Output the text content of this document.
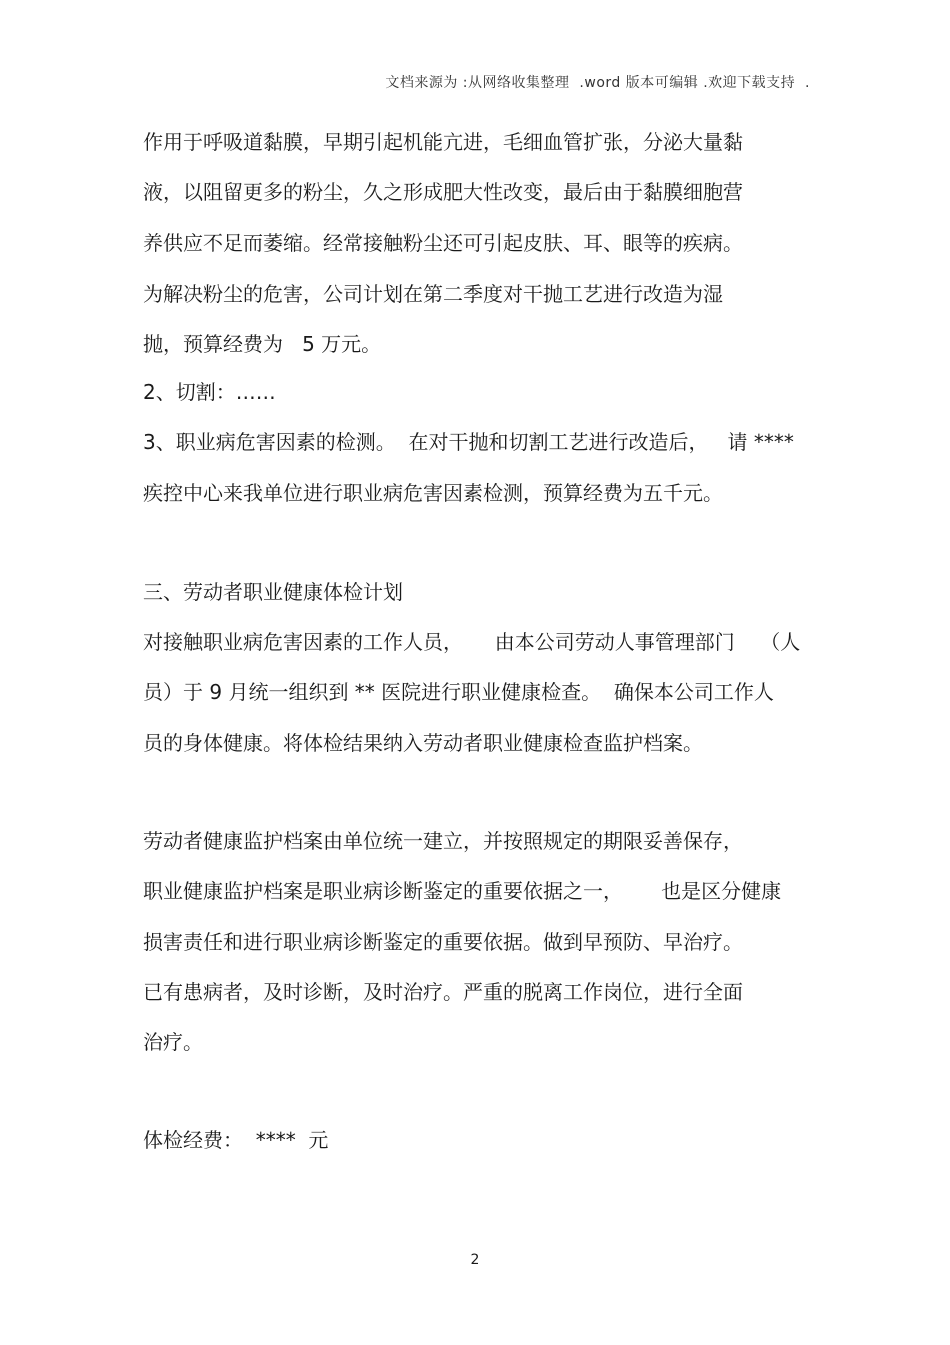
文档来源为 :从网络收集整理  .word 版本可编辑 .欢迎下载支持  .
作用于呼吸道黏膜，早期引起机能亢进，毛细血管扩张，分泌大量黏
液，以阻留更多的粉尘，久之形成肥大性改变，最后由于黏膜细胞营
养供应不足而萎缩。经常接触粉尘还可引起皮肤、耳、眼等的疾病。
为解决粉尘的危害，公司计划在第二季度对干抛工艺进行改造为湿
抛，预算经费为   5 万元。
2、切割：……
3、职业病危害因素的检测。  在对干抛和切割工艺进行改造后，   请 ****
疾控中心来我单位进行职业病危害因素检测，预算经费为五千元。
三、劳动者职业健康体检计划
对接触职业病危害因素的工作人员，     由本公司劳动人事管理部门    （人
员）于 9 月统一组织到 ** 医院进行职业健康检查。  确保本公司工作人
员的身体健康。将体检结果纳入劳动者职业健康检查监护档案。
劳动者健康监护档案由单位统一建立，并按照规定的期限妥善保存，
职业健康监护档案是职业病诊断鉴定的重要依据之一，      也是区分健康
损害责任和进行职业病诊断鉴定的重要依据。做到早预防、早治疗。
已有患病者，及时诊断，及时治疗。严重的脱离工作岗位，进行全面
治疗。
体检经费：  ****  元
2
